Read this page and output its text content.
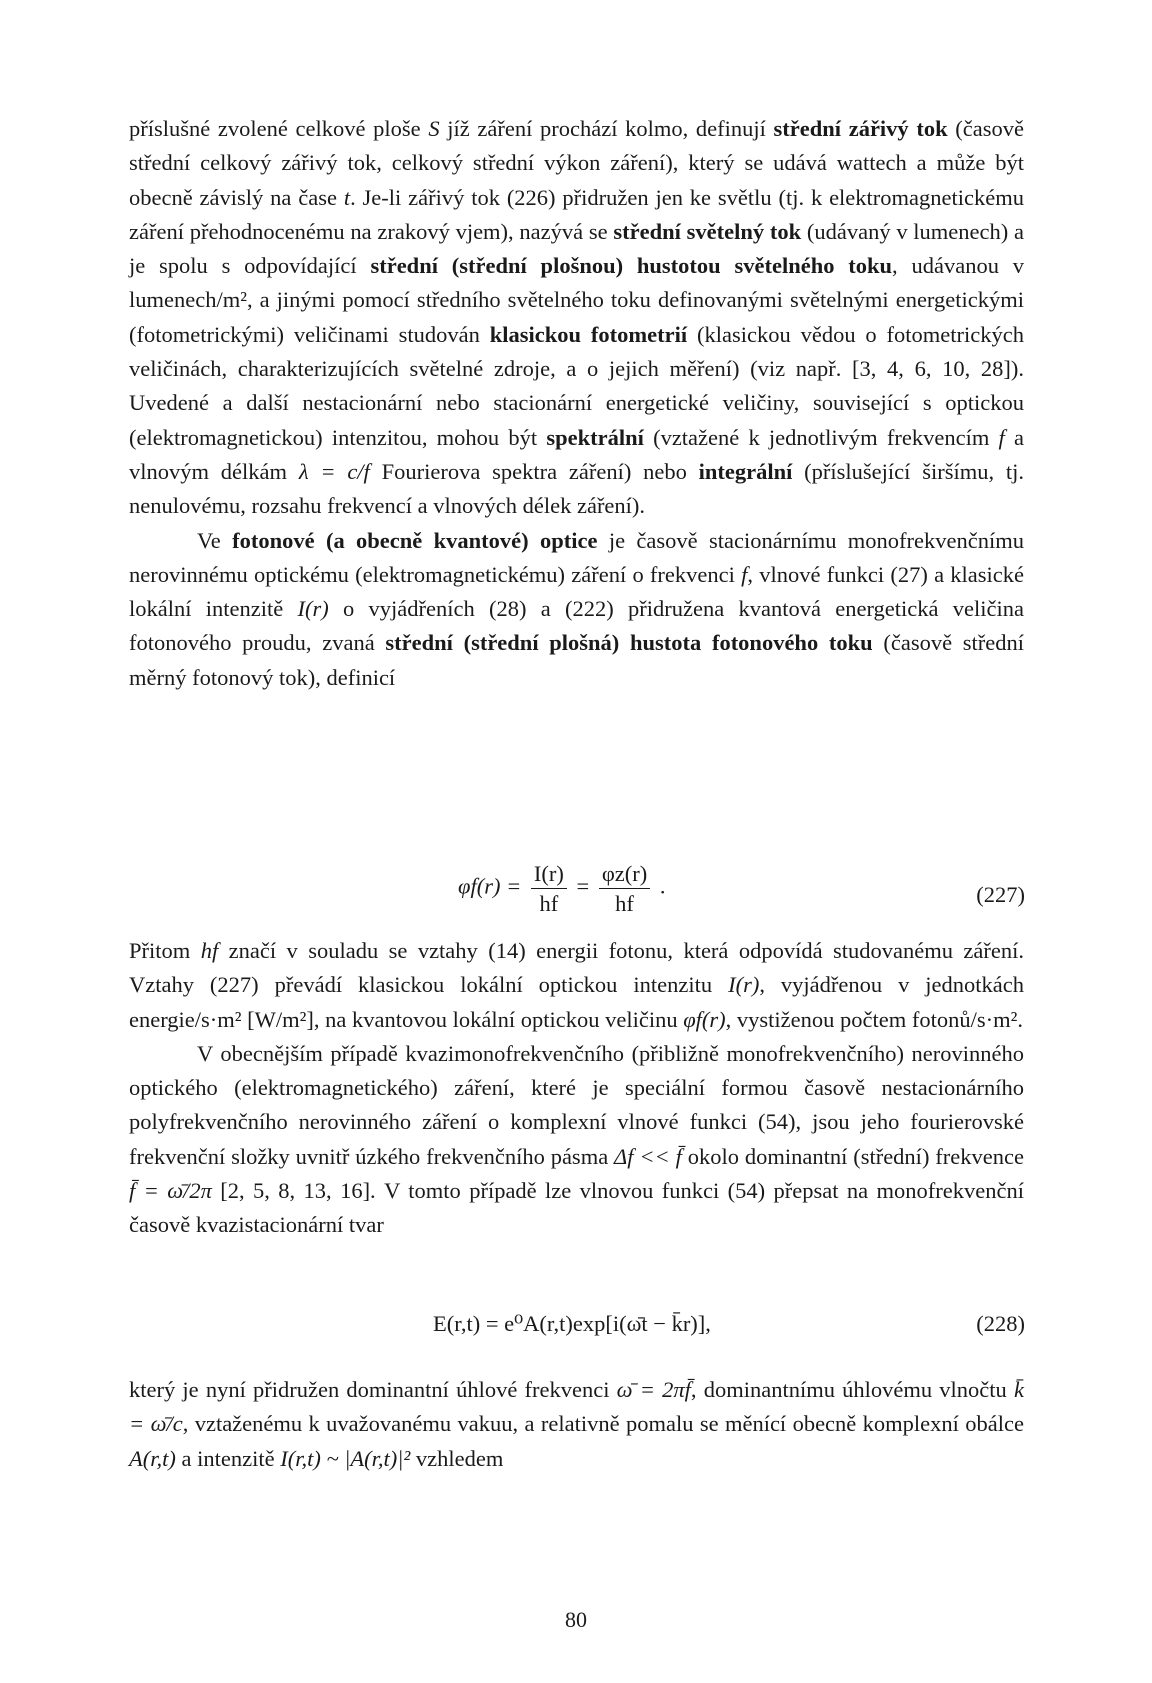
příslušné zvolené celkové ploše S jíž záření prochází kolmo, definují střední zářivý tok (časově střední celkový zářivý tok, celkový střední výkon záření), který se udává wattech a může být obecně závislý na čase t. Je-li zářivý tok (226) přidružen jen ke světlu (tj. k elektromagnetickému záření přehodnocenému na zrakový vjem), nazývá se střední světelný tok (udávaný v lumenech) a je spolu s odpovídající střední (střední plošnou) hustotou světelného toku, udávanou v lumenech/m², a jinými pomocí středního světelného toku definovanými světelnými energetickými (fotometrickými) veličinami studován klasickou fotometrií (klasickou vědou o fotometrických veličinách, charakterizujících světelné zdroje, a o jejich měření) (viz např. [3, 4, 6, 10, 28]). Uvedené a další nestacionární nebo stacionární energetické veličiny, související s optickou (elektromagnetickou) intenzitou, mohou být spektrální (vztažené k jednotlivým frekvencím f a vlnovým délkám λ = c/f Fourierova spektra záření) nebo integrální (příslušející širšímu, tj. nenulovému, rozsahu frekvencí a vlnových délek záření).

Ve fotonové (a obecně kvantové) optice je časově stacionárnímu monofrekvenčnímu nerovinnému optickému (elektromagnetickému) záření o frekvenci f, vlnové funkci (27) a klasické lokální intenzitě I(r) o vyjádřeních (28) a (222) přidružena kvantová energetická veličina fotonového proudu, zvaná střední (střední plošná) hustota fotonového toku (časově střední měrný fotonový tok), definicí

$\varphi f(r) = \frac{I(r)}{hf} = \frac{\varphi z(r)}{hf}$ .	(227)

Přitom hf značí v souladu se vztahy (14) energii fotonu, která odpovídá studovanému záření. Vztahy (227) převádí klasickou lokální optickou intenzitu I(r), vyjádřenou v jednotkách energie/s·m² [W/m²], na kvantovou lokální optickou veličinu φf(r), vystiženou počtem fotonů/s·m².

V obecnějším případě kvazimonofrekvenčního (přibližně monofrekvenčního) nerovinného optického (elektromagnetického) záření, které je speciální formou časově nestacionárního polyfrekvenčního nerovinného záření o komplexní vlnové funkci (54), jsou jeho fourierovské frekvenční složky uvnitř úzkého frekvenčního pásma Δf << f̄ okolo dominantní (střední) frekvence f̄ = ω̄/2π [2, 5, 8, 13, 16]. V tomto případě lze vlnovou funkci (54) přepsat na monofrekvenční časově kvazistacionární tvar

E(r,t) = e⁰A(r,t)exp[i(ω̄t − k̄r)],	(228)

který je nyní přidružen dominantní úhlové frekvenci ω̄ = 2πf̄, dominantnímu úhlovému vlnočtu k̄ = ω̄/c, vztaženému k uvažovanému vakuu, a relativně pomalu se měnící obecně komplexní obálce A(r,t) a intenzitě I(r,t) ~ |A(r,t)|² vzhledem

80
